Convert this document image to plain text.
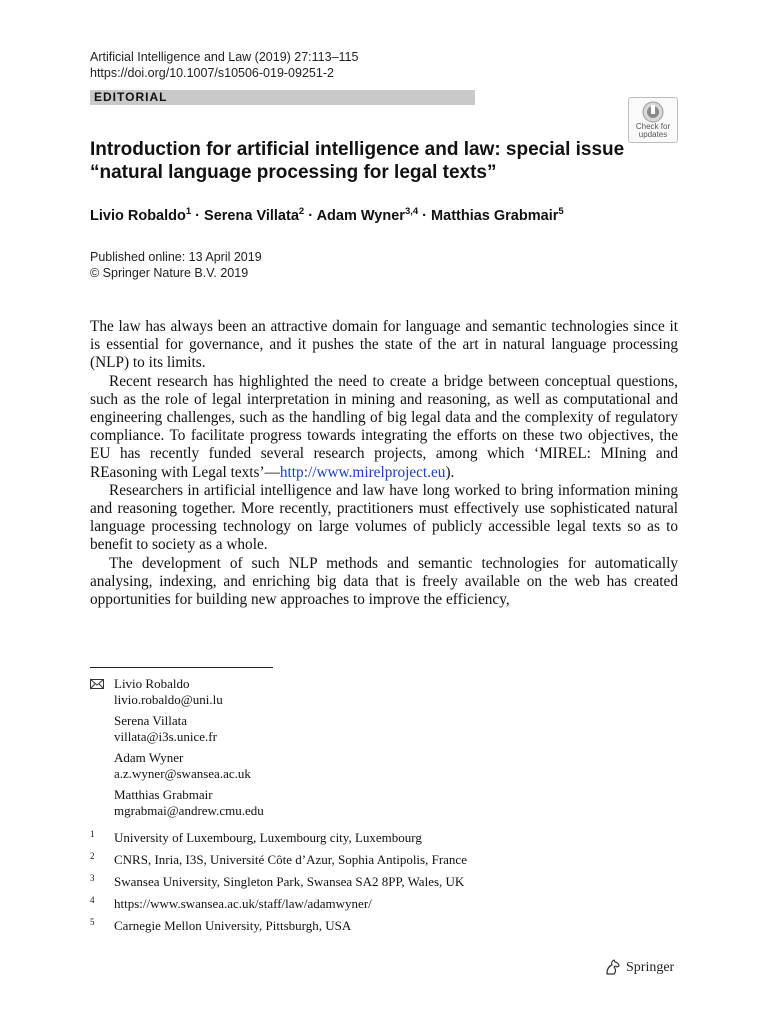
Artificial Intelligence and Law (2019) 27:113–115
https://doi.org/10.1007/s10506-019-09251-2
EDITORIAL
Check for
updates
Introduction for artificial intelligence and law: special issue
“natural language processing for legal texts”
Livio Robaldo$^1$ · Serena Villata$^2$ · Adam Wyner$^{3,4}$ · Matthias Grabmair$^5$
Published online: 13 April 2019
© Springer Nature B.V. 2019

The law has always been an attractive domain for language and semantic technologies since it is essential for governance, and it pushes the state of the art in natural language processing (NLP) to its limits.

Recent research has highlighted the need to create a bridge between conceptual questions, such as the role of legal interpretation in mining and reasoning, as well as computational and engineering challenges, such as the handling of big legal data and the complexity of regulatory compliance. To facilitate progress towards integrating the efforts on these two objectives, the EU has recently funded several research projects, among which ‘MIREL: MIning and REasoning with Legal texts’—http://www.mirelproject.eu).

Researchers in artificial intelligence and law have long worked to bring information mining and reasoning together. More recently, practitioners must effectively use sophisticated natural language processing technology on large volumes of publicly accessible legal texts so as to benefit to society as a whole.

The development of such NLP methods and semantic technologies for automatically analysing, indexing, and enriching big data that is freely available on the web has created opportunities for building new approaches to improve the efficiency,

Livio Robaldo
livio.robaldo@uni.lu
Serena Villata
villata@i3s.unice.fr
Adam Wyner
a.z.wyner@swansea.ac.uk
Matthias Grabmair
mgrabmai@andrew.cmu.edu
1 University of Luxembourg, Luxembourg city, Luxembourg
2 CNRS, Inria, I3S, Université Côte d’Azur, Sophia Antipolis, France
3 Swansea University, Singleton Park, Swansea SA2 8PP, Wales, UK
4 https://www.swansea.ac.uk/staff/law/adamwyner/
5 Carnegie Mellon University, Pittsburgh, USA
Springer
